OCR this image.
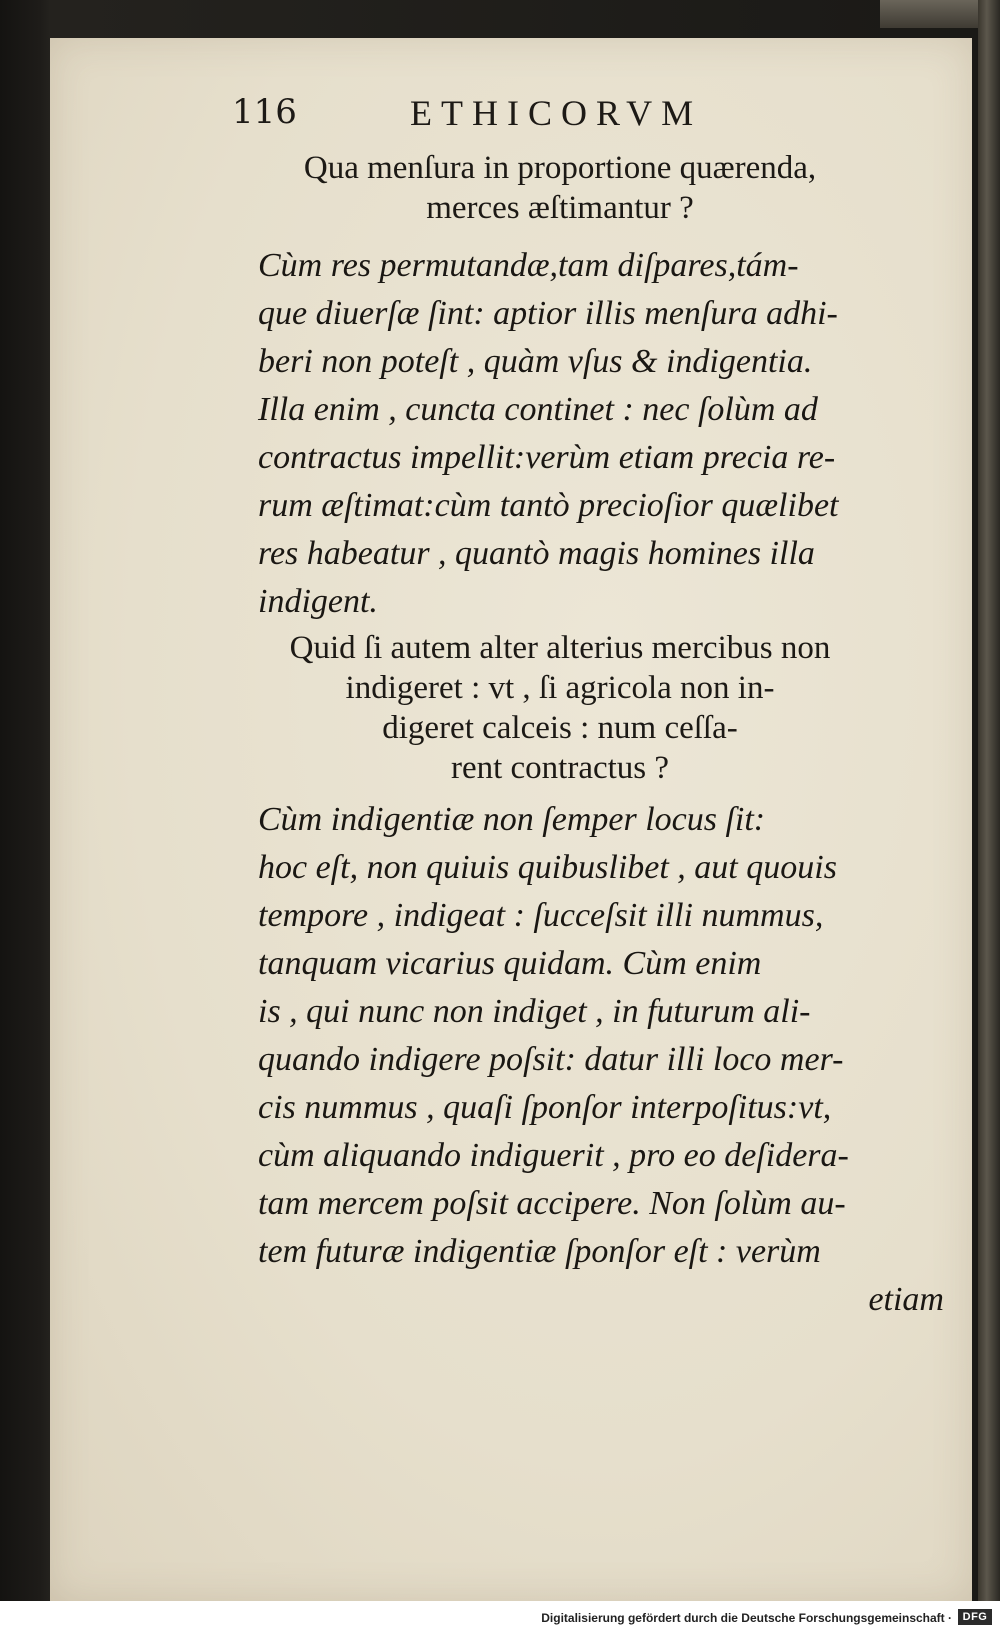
116	ETHICORVM
Qua menſura in proportione quærenda,
merces æſtimantur ?

Cùm res permutandæ,tam diſpares,tám-
que diuerſæ ſint: aptior illis menſura adhi-
beri non poteſt , quàm vſus & indigentia.
Illa enim , cuncta continet : nec ſolùm ad
contractus impellit:verùm etiam precia re-
rum æſtimat:cùm tantò precioſior quælibet
res habeatur , quantò magis homines illa
indigent.

Quid ſi autem alter alterius mercibus non
indigeret : vt , ſi agricola non in-
digeret calceis : num ceſſa-
rent contractus ?

Cùm indigentiæ non ſemper locus ſit:
hoc eſt, non quiuis quibuslibet , aut quouis
tempore , indigeat : ſucceſsit illi nummus,
tanquam vicarius quidam. Cùm enim
is , qui nunc non indiget , in futurum ali-
quando indigere poſsit: datur illi loco mer-
cis nummus , quaſi ſponſor interpoſitus:vt,
cùm aliquando indiguerit , pro eo deſidera-
tam mercem poſsit accipere. Non ſolùm au-
tem futuræ indigentiæ ſponſor eſt : verùm
etiam

Digitalisierung gefördert durch die Deutsche Forschungsgemeinschaft · DFG
